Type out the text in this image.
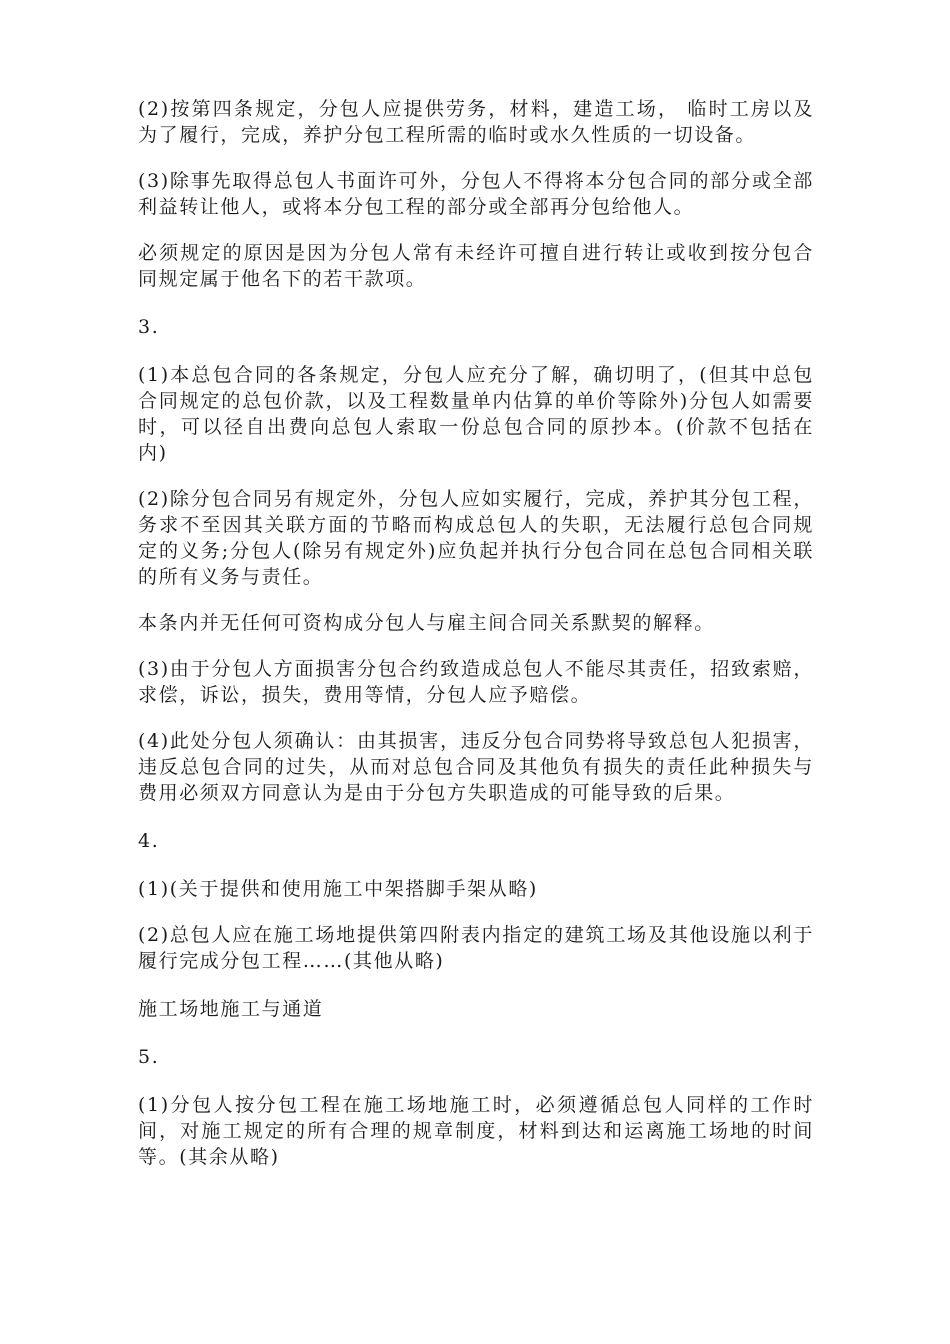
(2)按第四条规定，分包人应提供劳务，材料，建造工场， 临时工房以及为了履行，完成，养护分包工程所需的临时或水久性质的一切设备。

(3)除事先取得总包人书面许可外，分包人不得将本分包合同的部分或全部利益转让他人，或将本分包工程的部分或全部再分包给他人。

必须规定的原因是因为分包人常有未经许可擅自进行转让或收到按分包合同规定属于他名下的若干款项。

3.

(1)本总包合同的各条规定，分包人应充分了解，确切明了，(但其中总包合同规定的总包价款，以及工程数量单内估算的单价等除外)分包人如需要时，可以径自出费向总包人索取一份总包合同的原抄本。(价款不包括在内)

(2)除分包合同另有规定外，分包人应如实履行，完成，养护其分包工程，务求不至因其关联方面的节略而构成总包人的失职，无法履行总包合同规定的义务;分包人(除另有规定外)应负起并执行分包合同在总包合同相关联的所有义务与责任。

本条内并无任何可资构成分包人与雇主间合同关系默契的解释。

(3)由于分包人方面损害分包合约致造成总包人不能尽其责任，招致索赔，求偿，诉讼，损失，费用等情，分包人应予赔偿。

(4)此处分包人须确认：由其损害，违反分包合同势将导致总包人犯损害，违反总包合同的过失，从而对总包合同及其他负有损失的责任此种损失与费用必须双方同意认为是由于分包方失职造成的可能导致的后果。

4.

(1)(关于提供和使用施工中架搭脚手架从略)

(2)总包人应在施工场地提供第四附表内指定的建筑工场及其他设施以利于履行完成分包工程……(其他从略)

施工场地施工与通道

5.

(1)分包人按分包工程在施工场地施工时，必须遵循总包人同样的工作时间，对施工规定的所有合理的规章制度，材料到达和运离施工场地的时间等。(其余从略)
